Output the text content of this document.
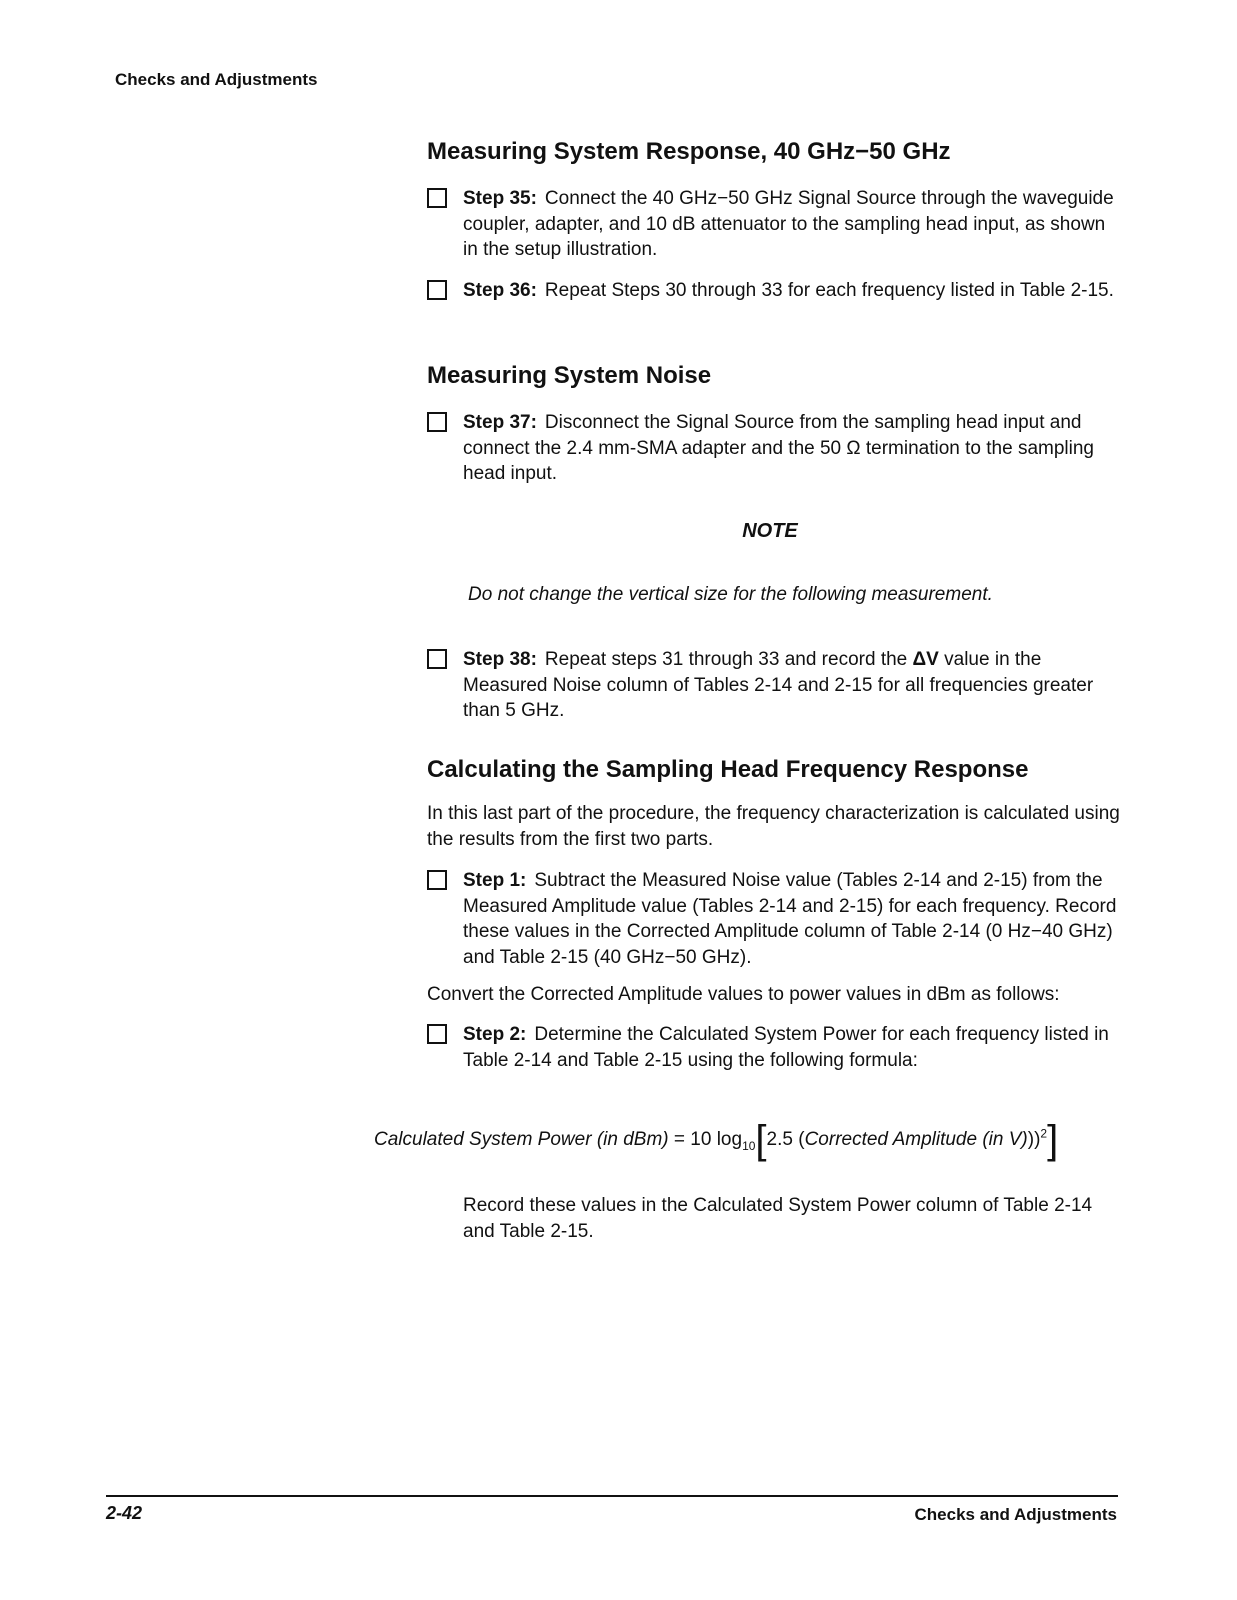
Checks and Adjustments
Measuring System Response, 40 GHz−50 GHz
Step 35: Connect the 40 GHz−50 GHz Signal Source through the waveguide coupler, adapter, and 10 dB attenuator to the sampling head input, as shown in the setup illustration.
Step 36: Repeat Steps 30 through 33 for each frequency listed in Table 2-15.
Measuring System Noise
Step 37: Disconnect the Signal Source from the sampling head input and connect the 2.4 mm-SMA adapter and the 50 Ω termination to the sampling head input.
NOTE
Do not change the vertical size for the following measurement.
Step 38: Repeat steps 31 through 33 and record the ΔV value in the Measured Noise column of Tables 2-14 and 2-15 for all frequencies greater than 5 GHz.
Calculating the Sampling Head Frequency Response
In this last part of the procedure, the frequency characterization is calculated using the results from the first two parts.
Step 1: Subtract the Measured Noise value (Tables 2-14 and 2-15) from the Measured Amplitude value (Tables 2-14 and 2-15) for each frequency. Record these values in the Corrected Amplitude column of Table 2-14 (0 Hz−40 GHz) and Table 2-15 (40 GHz−50 GHz).
Convert the Corrected Amplitude values to power values in dBm as follows:
Step 2: Determine the Calculated System Power for each frequency listed in Table 2-14 and Table 2-15 using the following formula:
Calculated System Power (in dBm) = 10 $\log_{10}[2.5$ (Corrected Amplitude (in V)))$^2$]
Record these values in the Calculated System Power column of Table 2-14 and Table 2-15.
2-42	Checks and Adjustments
